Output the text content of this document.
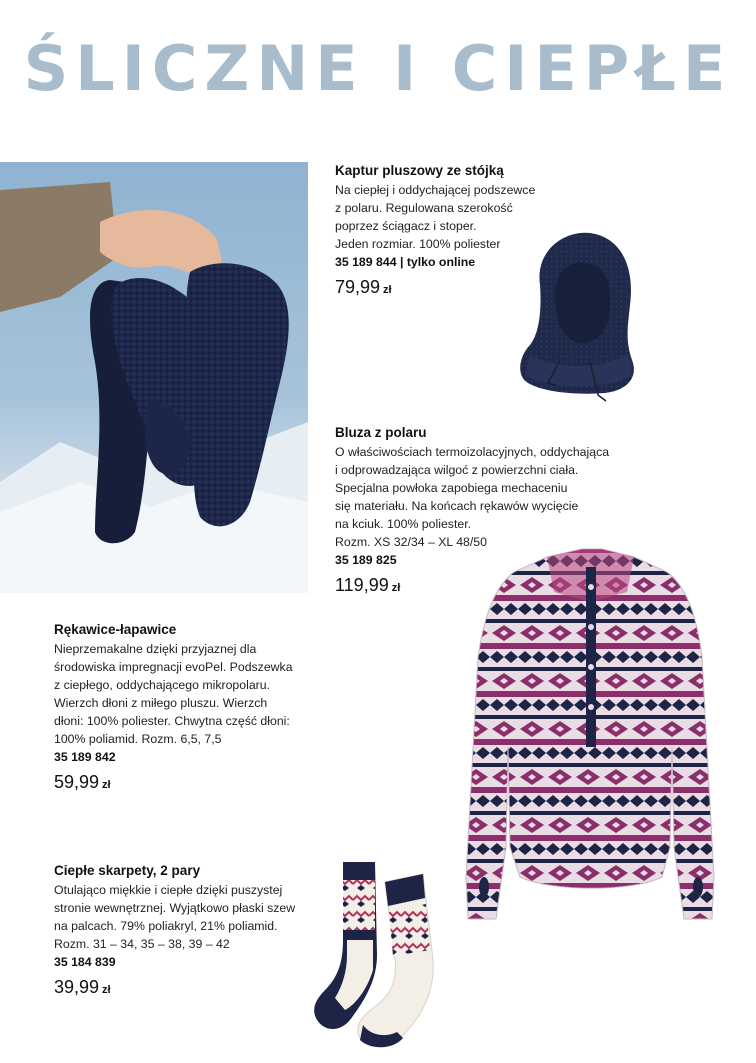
ŚLICZNE I CIEPŁE
Kaptur pluszowy ze stójką

Na ciepłej i oddychającej podszewce

z polaru. Regulowana szerokość

poprzez ściągacz i stoper.

Jeden rozmiar. 100% poliester

35 189 844 | tylko online
79,99 zł
Bluza z polaru

O właściwościach termoizolacyjnych, oddychająca

i odprowadzająca wilgoć z powierzchni ciała.

Specjalna powłoka zapobiega mechaceniu

się materiału. Na końcach rękawów wycięcie

na kciuk. 100% poliester.

Rozm. XS 32/34 – XL 48/50

35 189 825
119,99 zł
Rękawice-łapawice

Nieprzemakalne dzięki przyjaznej dla

środowiska impregnacji evoPel. Podszewka

z ciepłego, oddychającego mikropolaru.

Wierzch dłoni z miłego pluszu. Wierzch

dłoni: 100% poliester. Chwytna część dłoni:

100% poliamid. Rozm. 6,5, 7,5

35 189 842
59,99 zł
Ciepłe skarpety, 2 pary

Otulająco miękkie i ciepłe dzięki puszystej

stronie wewnętrznej. Wyjątkowo płaski szew

na palcach. 79% poliakryl, 21% poliamid.

Rozm. 31 – 34, 35 – 38, 39 – 42

35 184 839
39,99 zł
